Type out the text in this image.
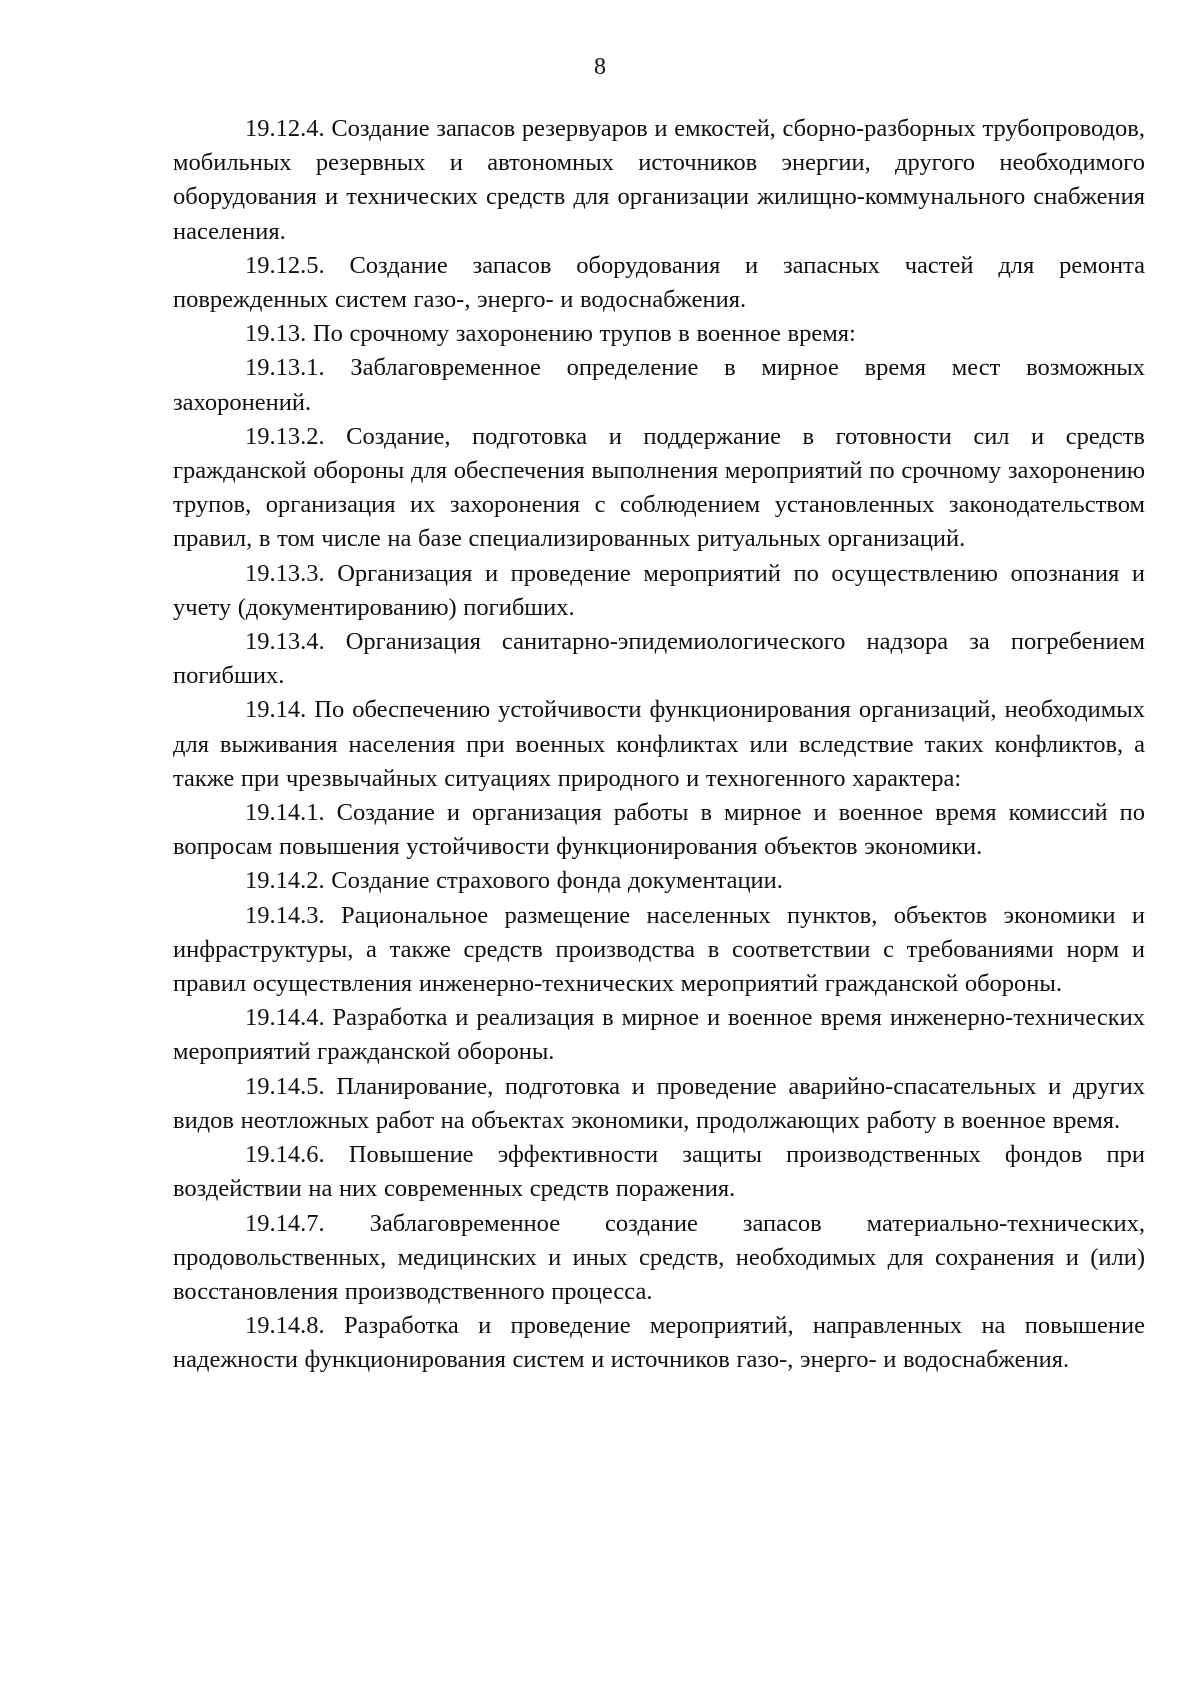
8

19.12.4. Создание запасов резервуаров и емкостей, сборно-разборных трубопроводов, мобильных резервных и автономных источников энергии, другого необходимого оборудования и технических средств для организации жилищно-коммунального снабжения населения.

19.12.5. Создание запасов оборудования и запасных частей для ремонта поврежденных систем газо-, энерго- и водоснабжения.

19.13. По срочному захоронению трупов в военное время:

19.13.1. Заблаговременное определение в мирное время мест возможных захоронений.

19.13.2. Создание, подготовка и поддержание в готовности сил и средств гражданской обороны для обеспечения выполнения мероприятий по срочному захоронению трупов, организация их захоронения с соблюдением установленных законодательством правил, в том числе на базе специализированных ритуальных организаций.

19.13.3. Организация и проведение мероприятий по осуществлению опознания и учету (документированию) погибших.

19.13.4. Организация санитарно-эпидемиологического надзора за погребением погибших.

19.14. По обеспечению устойчивости функционирования организаций, необходимых для выживания населения при военных конфликтах или вследствие таких конфликтов, а также при чрезвычайных ситуациях природного и техногенного характера:

19.14.1. Создание и организация работы в мирное и военное время комиссий по вопросам повышения устойчивости функционирования объектов экономики.

19.14.2. Создание страхового фонда документации.

19.14.3. Рациональное размещение населенных пунктов, объектов экономики и инфраструктуры, а также средств производства в соответствии с требованиями норм и правил осуществления инженерно-технических мероприятий гражданской обороны.

19.14.4. Разработка и реализация в мирное и военное время инженерно-технических мероприятий гражданской обороны.

19.14.5. Планирование, подготовка и проведение аварийно-спасательных и других видов неотложных работ на объектах экономики, продолжающих работу в военное время.

19.14.6. Повышение эффективности защиты производственных фондов при воздействии на них современных средств поражения.

19.14.7. Заблаговременное создание запасов материально-технических, продовольственных, медицинских и иных средств, необходимых для сохранения и (или) восстановления производственного процесса.

19.14.8. Разработка и проведение мероприятий, направленных на повышение надежности функционирования систем и источников газо-, энерго- и водоснабжения.
